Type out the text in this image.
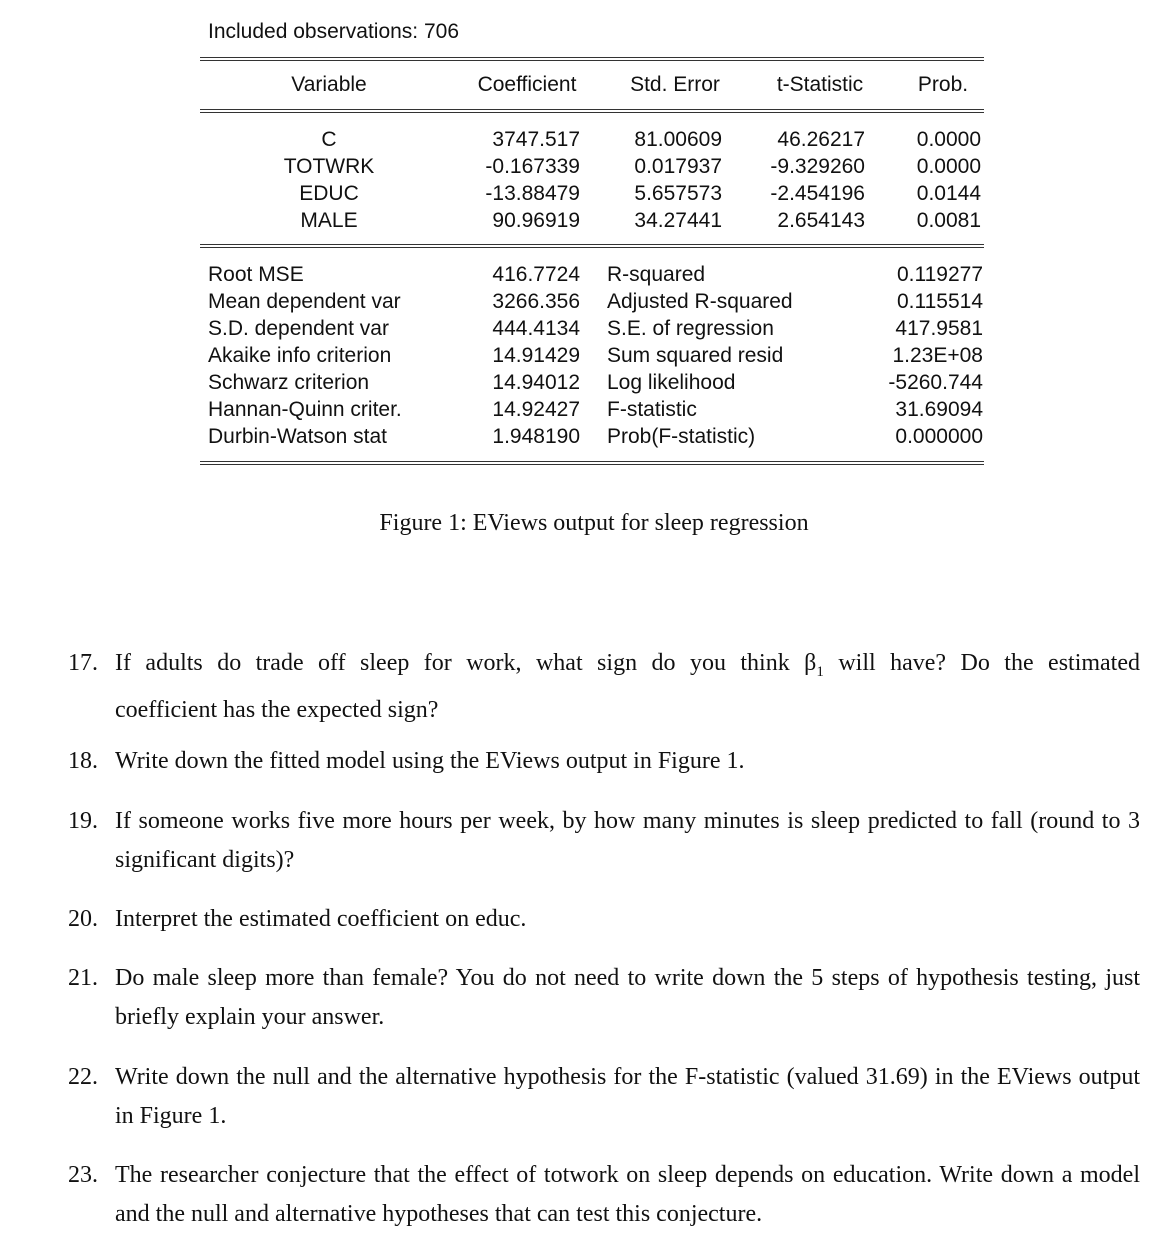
Included observations: 706
Variable	Coefficient	Std. Error	t-Statistic	Prob.
C	3747.517	81.00609	46.26217	0.0000
TOTWRK	-0.167339	0.017937	-9.329260	0.0000
EDUC	-13.88479	5.657573	-2.454196	0.0144
MALE	90.96919	34.27441	2.654143	0.0081
Root MSE	416.7724 R-squared	0.119277
Mean dependent var	3266.356 Adjusted R-squared	0.115514
S.D. dependent var	444.4134 S.E. of regression	417.9581
Akaike info criterion	14.91429 Sum squared resid	1.23E+08
Schwarz criterion	14.94012 Log likelihood	-5260.744
Hannan-Quinn criter.	14.92427 F-statistic	31.69094
Durbin-Watson stat	1.948190 Prob(F-statistic)	0.000000
Figure 1: EViews output for sleep regression
17. If adults do trade off sleep for work, what sign do you think $\beta_1$ will have? Do the estimated
coefficient has the expected sign?
18. Write down the fitted model using the EViews output in Figure 1.
19. If someone works five more hours per week, by how many minutes is sleep predicted to fall (round to 3 significant digits)?
20. Interpret the estimated coefficient on educ.
21. Do male sleep more than female? You do not need to write down the 5 steps of hypothesis testing, just briefly explain your answer.
22. Write down the null and the alternative hypothesis for the F-statistic (valued 31.69) in the EViews output in Figure 1.
23. The researcher conjecture that the effect of totwork on sleep depends on education. Write down a model and the null and alternative hypotheses that can test this conjecture.
